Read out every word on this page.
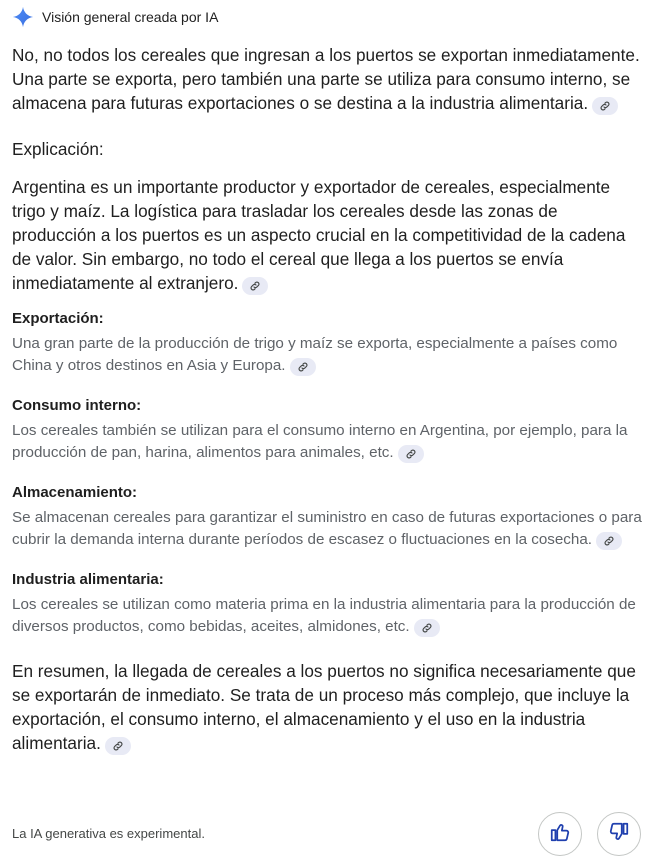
Visión general creada por IA

No, no todos los cereales que ingresan a los puertos se exportan inmediatamente. Una parte se exporta, pero también una parte se utiliza para consumo interno, se almacena para futuras exportaciones o se destina a la industria alimentaria.

Explicación:

Argentina es un importante productor y exportador de cereales, especialmente trigo y maíz. La logística para trasladar los cereales desde las zonas de producción a los puertos es un aspecto crucial en la competitividad de la cadena de valor. Sin embargo, no todo el cereal que llega a los puertos se envía inmediatamente al extranjero.

Exportación:

Una gran parte de la producción de trigo y maíz se exporta, especialmente a países como China y otros destinos en Asia y Europa.

Consumo interno:

Los cereales también se utilizan para el consumo interno en Argentina, por ejemplo, para la producción de pan, harina, alimentos para animales, etc.

Almacenamiento:

Se almacenan cereales para garantizar el suministro en caso de futuras exportaciones o para cubrir la demanda interna durante períodos de escasez o fluctuaciones en la cosecha.

Industria alimentaria:

Los cereales se utilizan como materia prima en la industria alimentaria para la producción de diversos productos, como bebidas, aceites, almidones, etc.

En resumen, la llegada de cereales a los puertos no significa necesariamente que se exportarán de inmediato. Se trata de un proceso más complejo, que incluye la exportación, el consumo interno, el almacenamiento y el uso en la industria alimentaria.

La IA generativa es experimental.
